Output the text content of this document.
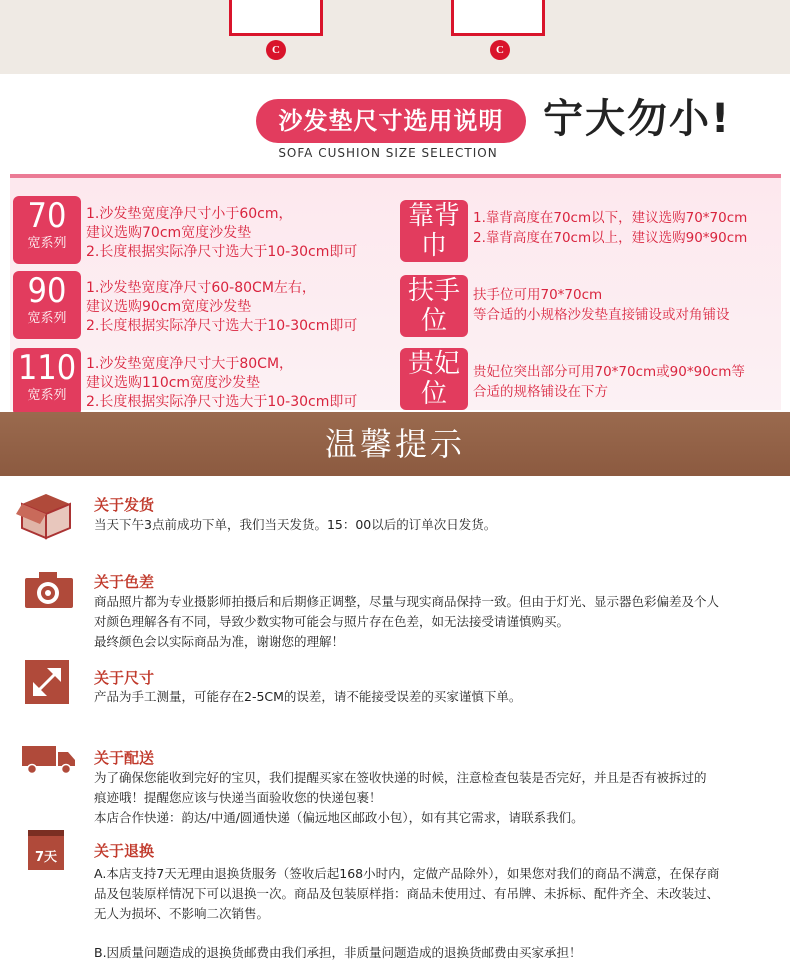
C	C
沙发垫尺寸选用说明 宁大勿小!
SOFA CUSHION SIZE SELECTION
70
宽系列
1.沙发垫宽度净尺寸小于60cm，
建议选购70cm宽度沙发垫
2.长度根据实际净尺寸选大于10-30cm即可
90
宽系列
1.沙发垫宽度净尺寸60-80CM左右，
建议选购90cm宽度沙发垫
2.长度根据实际净尺寸选大于10-30cm即可
110
宽系列
1.沙发垫宽度净尺寸大于80CM，
建议选购110cm宽度沙发垫
2.长度根据实际净尺寸选大于10-30cm即可
靠背
巾
1.靠背高度在70cm以下，建议选购70*70cm
2.靠背高度在70cm以上，建议选购90*90cm
扶手
位
扶手位可用70*70cm
等合适的小规格沙发垫直接铺设或对角铺设
贵妃
位
贵妃位突出部分可用70*70cm或90*90cm等
合适的规格铺设在下方
温馨提示
关于发货
当天下午3点前成功下单，我们当天发货。15：00以后的订单次日发货。
关于色差
商品照片都为专业摄影师拍摄后和后期修正调整，尽量与现实商品保持一致。但由于灯光、显示器色彩偏差及个人
对颜色理解各有不同，导致少数实物可能会与照片存在色差，如无法接受请谨慎购买。
最终颜色会以实际商品为准，谢谢您的理解！
关于尺寸
产品为手工测量，可能存在2-5CM的误差，请不能接受误差的买家谨慎下单。
关于配送
为了确保您能收到完好的宝贝，我们提醒买家在签收快递的时候，注意检查包装是否完好，并且是否有被拆过的
痕迹哦！提醒您应该与快递当面验收您的快递包裹！
本店合作快递：韵达/中通/圆通快递（偏远地区邮政小包），如有其它需求，请联系我们。
7天	关于退换
A.本店支持7天无理由退换货服务（签收后起168小时内，定做产品除外），如果您对我们的商品不满意，在保存商
品及包装原样情况下可以退换一次。商品及包装原样指：商品未使用过、有吊牌、未拆标、配件齐全、未改装过、
无人为损坏、不影响二次销售。
B.因质量问题造成的退换货邮费由我们承担，非质量问题造成的退换货邮费由买家承担！
